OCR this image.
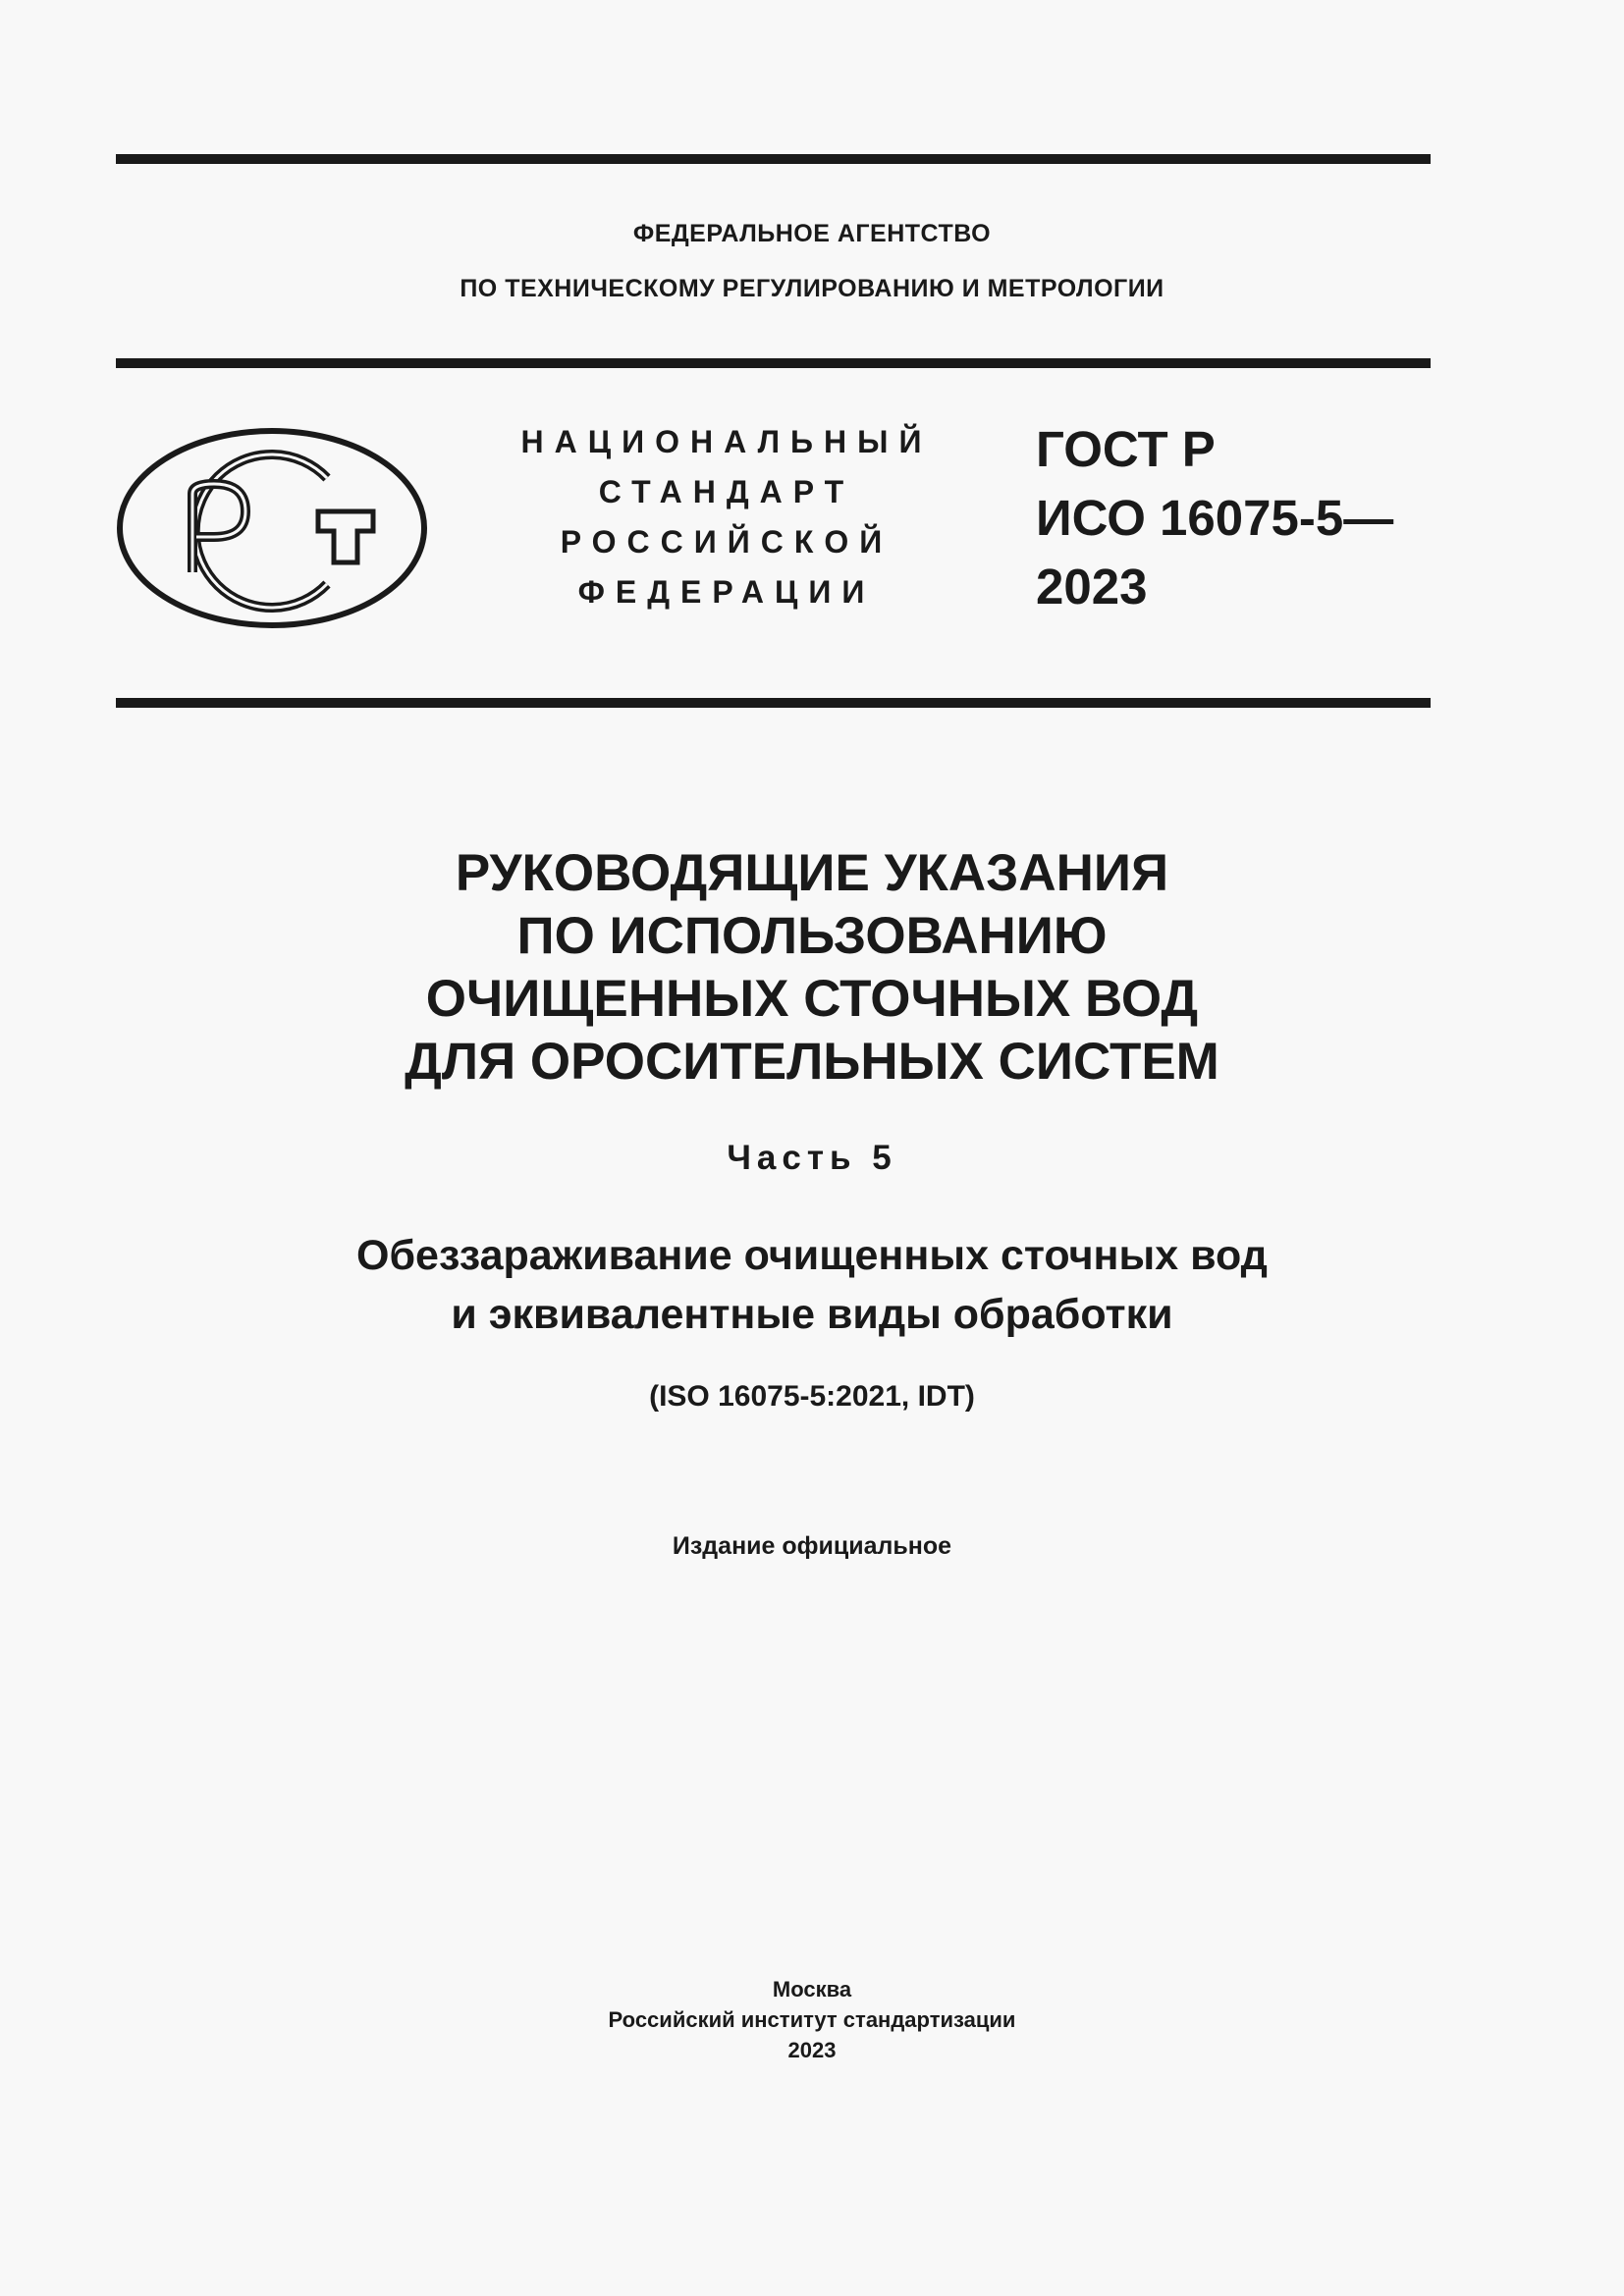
ФЕДЕРАЛЬНОЕ АГЕНТСТВО
ПО ТЕХНИЧЕСКОМУ РЕГУЛИРОВАНИЮ И МЕТРОЛОГИИ
НАЦИОНАЛЬНЫЙ
СТАНДАРТ
РОССИЙСКОЙ
ФЕДЕРАЦИИ
ГОСТ Р
ИСО 16075-5—
2023
РУКОВОДЯЩИЕ УКАЗАНИЯ
ПО ИСПОЛЬЗОВАНИЮ
ОЧИЩЕННЫХ СТОЧНЫХ ВОД
ДЛЯ ОРОСИТЕЛЬНЫХ СИСТЕМ
Часть 5
Обеззараживание очищенных сточных вод
и эквивалентные виды обработки
(ISO 16075-5:2021, IDT)
Издание официальное
Москва
Российский институт стандартизации
2023
